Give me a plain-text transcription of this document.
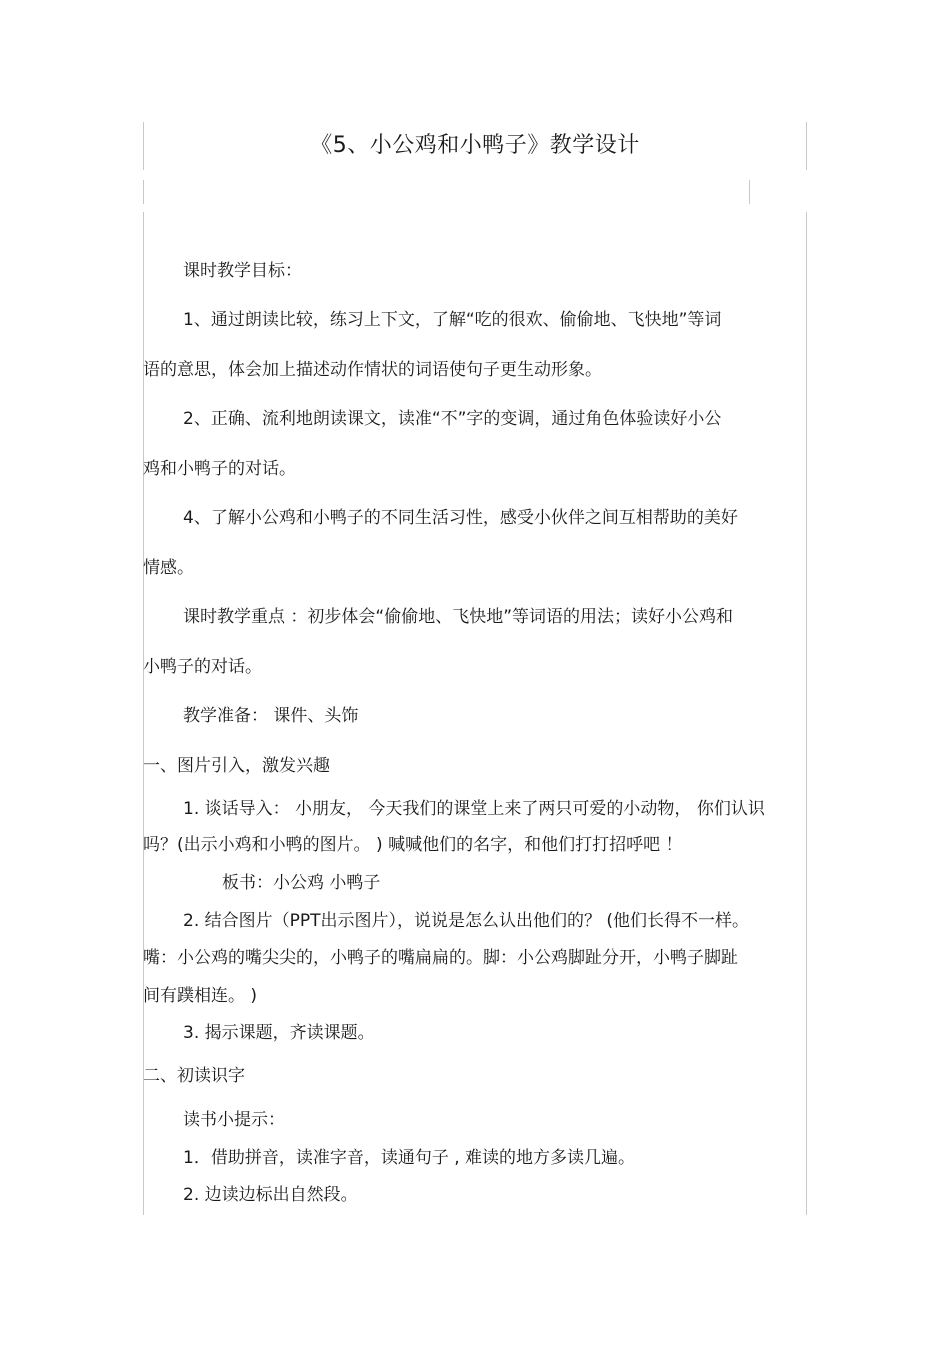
《5、小公鸡和小鸭子》教学设计
课时教学目标：
1、通过朗读比较，练习上下文，了解“吃的很欢、偷偷地、飞快地”等词
语的意思，体会加上描述动作情状的词语使句子更生动形象。
2、正确、流利地朗读课文，读准“不”字的变调，通过角色体验读好小公
鸡和小鸭子的对话。
4、了解小公鸡和小鸭子的不同生活习性，感受小伙伴之间互相帮助的美好
情感。
课时教学重点 ：初步体会“偷偷地、飞快地”等词语的用法；读好小公鸡和
小鸭子的对话。
教学准备： 课件、头饰
一、图片引入，激发兴趣
1. 谈话导入： 小朋友， 今天我们的课堂上来了两只可爱的小动物， 你们认识
吗？(出示小鸡和小鸭的图片。 ) 喊喊他们的名字，和他们打打招呼吧 ！
板书：小公鸡 小鸭子
2. 结合图片（PPT出示图片），说说是怎么认出他们的？ (他们长得不一样。
嘴：小公鸡的嘴尖尖的，小鸭子的嘴扁扁的。脚：小公鸡脚趾分开，小鸭子脚趾
间有蹼相连。 )
3. 揭示课题，齐读课题。
二、初读识字
读书小提示：
1．借助拼音，读准字音，读通句子 , 难读的地方多读几遍。
2. 边读边标出自然段。
